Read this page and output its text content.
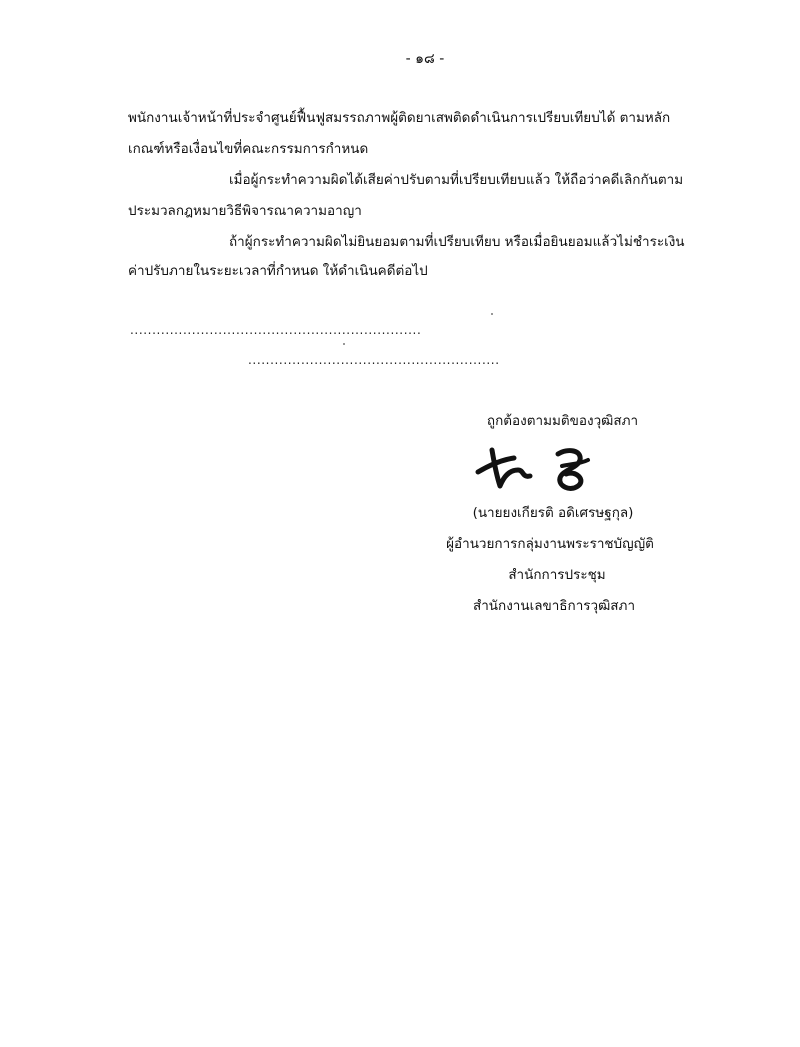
- ๑๘ -
พนักงานเจ้าหน้าที่ประจำศูนย์ฟื้นฟูสมรรถภาพผู้ติดยาเสพติดดำเนินการเปรียบเทียบได้ ตามหลัก
เกณฑ์หรือเงื่อนไขที่คณะกรรมการกำหนด
เมื่อผู้กระทำความผิดได้เสียค่าปรับตามที่เปรียบเทียบแล้ว ให้ถือว่าคดีเลิกกันตาม
ประมวลกฎหมายวิธีพิจารณาความอาญา
ถ้าผู้กระทำความผิดไม่ยินยอมตามที่เปรียบเทียบ หรือเมื่อยินยอมแล้วไม่ชำระเงิน
ค่าปรับภายในระยะเวลาที่กำหนด ให้ดำเนินคดีต่อไป
..................................................................
.........................................................
ถูกต้องตามมติของวุฒิสภา
(นายยงเกียรติ อดิเศรษฐกุล)
ผู้อำนวยการกลุ่มงานพระราชบัญญัติ
สำนักการประชุม
สำนักงานเลขาธิการวุฒิสภา
